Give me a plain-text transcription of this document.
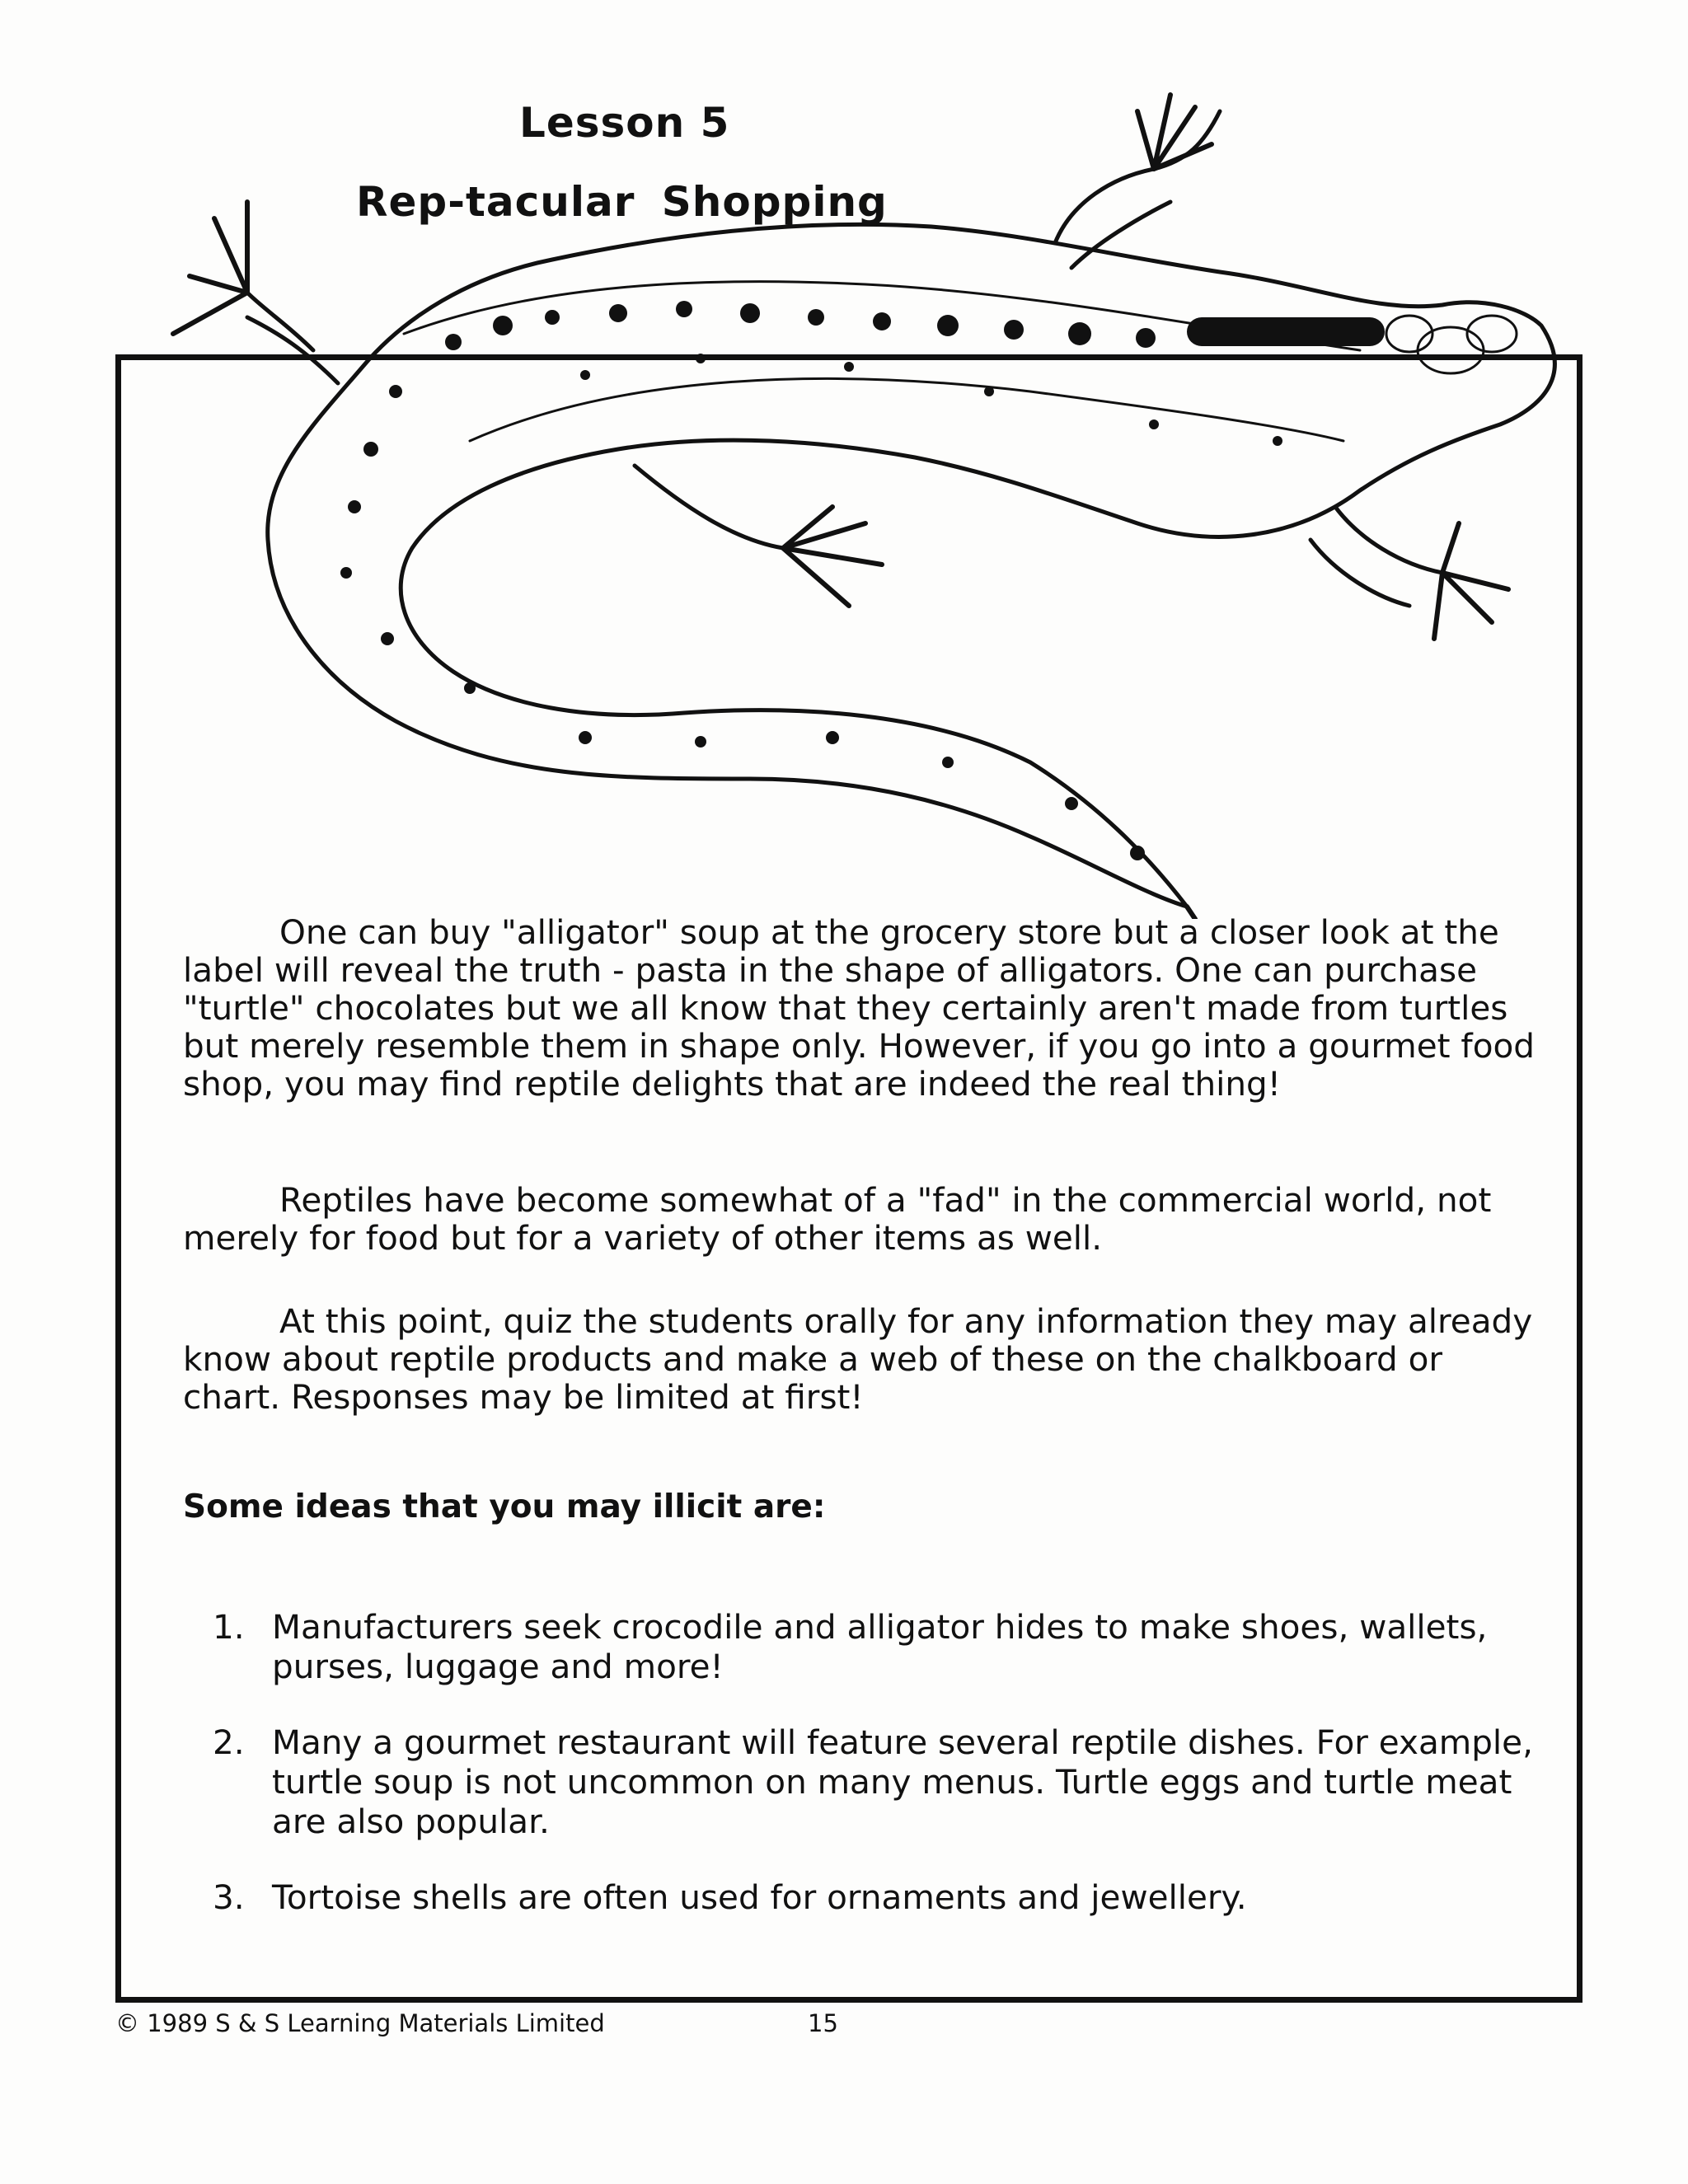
Lesson 5
Rep-tacular Shopping

One can buy "alligator" soup at the grocery store but a closer look at the label will reveal the truth - pasta in the shape of alligators. One can purchase "turtle" chocolates but we all know that they certainly aren't made from turtles but merely resemble them in shape only. However, if you go into a gourmet food shop, you may find reptile delights that are indeed the real thing!

Reptiles have become somewhat of a "fad" in the commercial world, not merely for food but for a variety of other items as well.

At this point, quiz the students orally for any information they may already know about reptile products and make a web of these on the chalkboard or chart. Responses may be limited at first!

Some ideas that you may illicit are:
1. Manufacturers seek crocodile and alligator hides to make shoes, wallets, purses, luggage and more!
2. Many a gourmet restaurant will feature several reptile dishes. For example, turtle soup is not uncommon on many menus. Turtle eggs and turtle meat are also popular.
3. Tortoise shells are often used for ornaments and jewellery.
© 1989 S & S Learning Materials Limited	15
